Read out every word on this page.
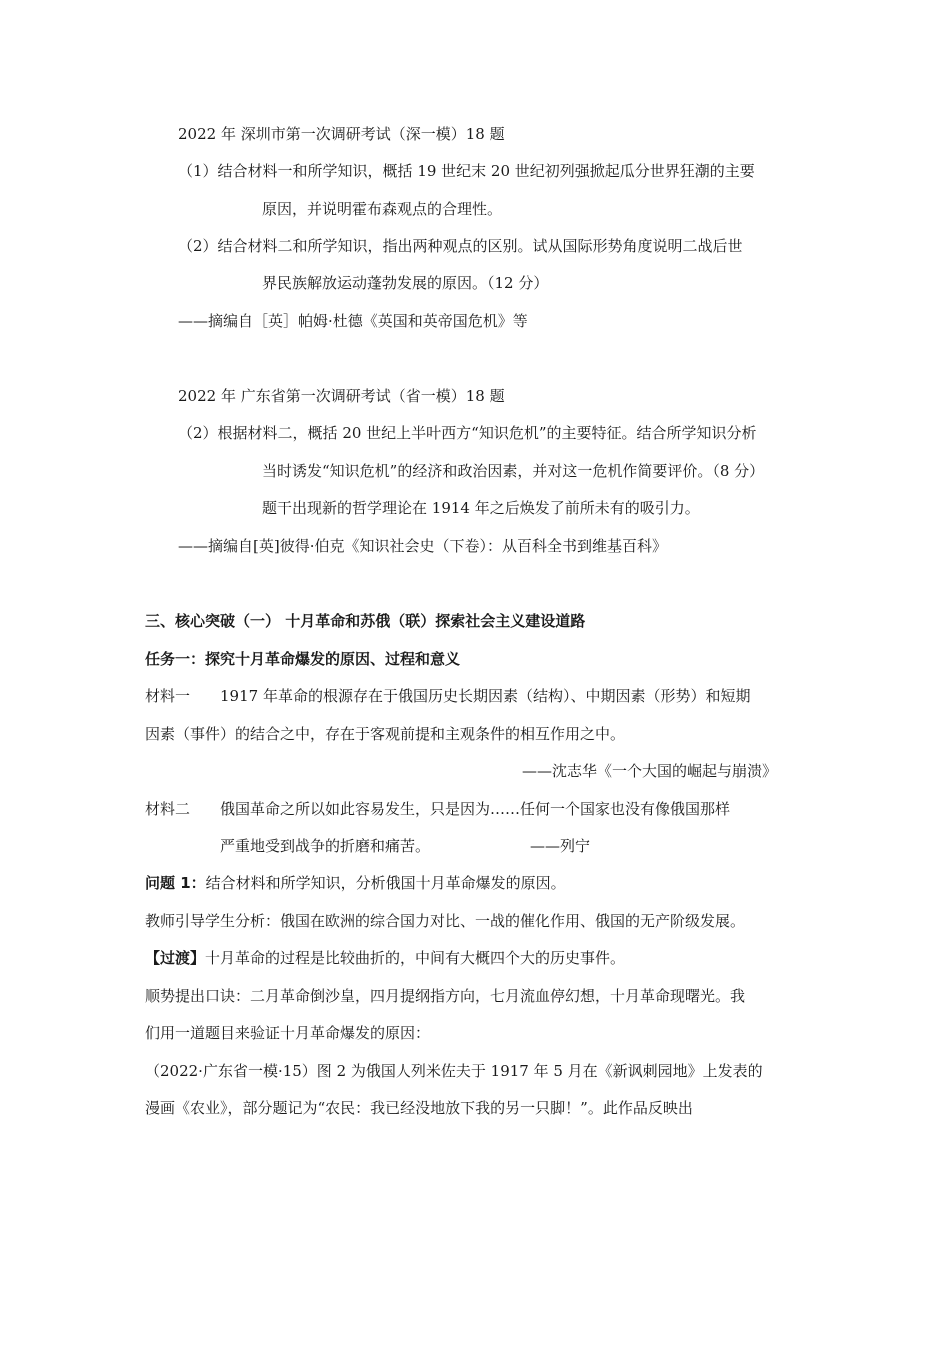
2022 年 深圳市第一次调研考试（深一模）18 题
（1）结合材料一和所学知识，概括 19 世纪末 20 世纪初列强掀起瓜分世界狂潮的主要
原因，并说明霍布森观点的合理性。
（2）结合材料二和所学知识，指出两种观点的区别。试从国际形势角度说明二战后世
界民族解放运动蓬勃发展的原因。（12 分）
——摘编自［英］帕姆·杜德《英国和英帝国危机》等
2022 年 广东省第一次调研考试（省一模）18 题
（2）根据材料二，概括 20 世纪上半叶西方“知识危机”的主要特征。结合所学知识分析
当时诱发“知识危机”的经济和政治因素，并对这一危机作简要评价。（8 分）
题干出现新的哲学理论在 1914 年之后焕发了前所未有的吸引力。
——摘编自[英]彼得·伯克《知识社会史（下卷）：从百科全书到维基百科》
三、核心突破（一） 十月革命和苏俄（联）探索社会主义建设道路
任务一：探究十月革命爆发的原因、过程和意义
材料一 1917 年革命的根源存在于俄国历史长期因素（结构）、中期因素（形势）和短期
因素（事件）的结合之中，存在于客观前提和主观条件的相互作用之中。
——沈志华《一个大国的崛起与崩溃》
材料二 俄国革命之所以如此容易发生，只是因为……任何一个国家也没有像俄国那样
严重地受到战争的折磨和痛苦。	——列宁
问题 1：结合材料和所学知识，分析俄国十月革命爆发的原因。
教师引导学生分析：俄国在欧洲的综合国力对比、一战的催化作用、俄国的无产阶级发展。
【过渡】十月革命的过程是比较曲折的，中间有大概四个大的历史事件。
顺势提出口诀：二月革命倒沙皇，四月提纲指方向，七月流血停幻想，十月革命现曙光。我
们用一道题目来验证十月革命爆发的原因：
（2022·广东省一模·15）图 2 为俄国人列米佐夫于 1917 年 5 月在《新讽刺园地》上发表的
漫画《农业》，部分题记为“农民：我已经没地放下我的另一只脚！”。此作品反映出
